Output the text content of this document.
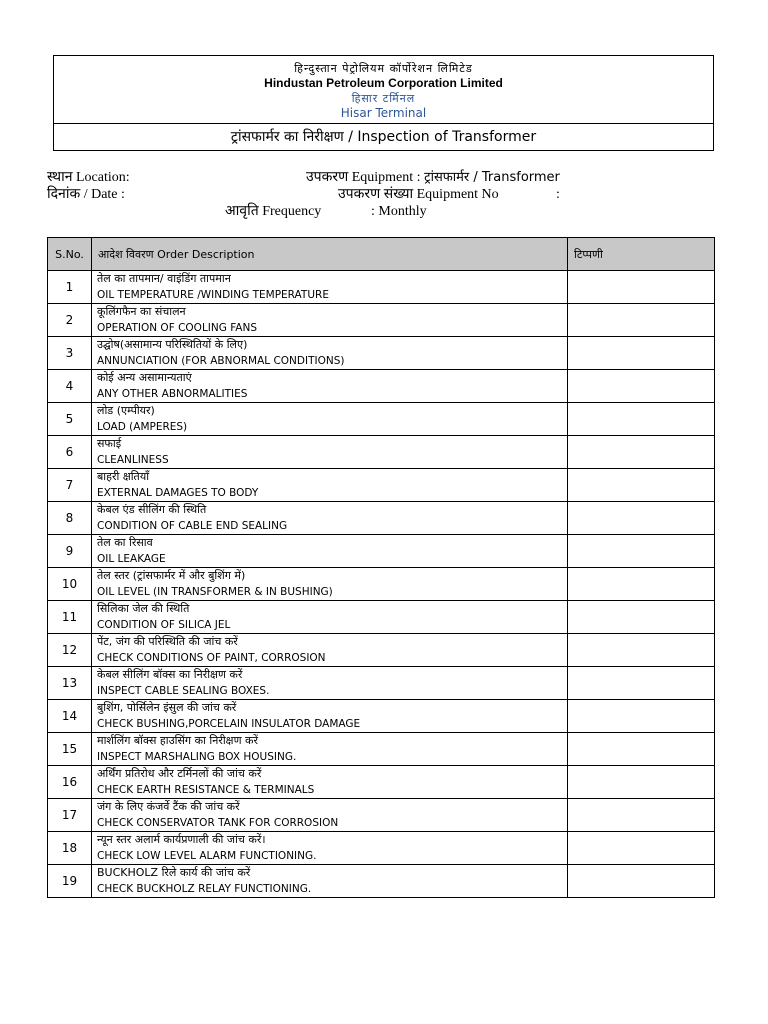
हिन्दुस्तान पेट्रोलियम कॉर्पोरेशन लिमिटेड
Hindustan Petroleum Corporation Limited
हिसार टर्मिनल
Hisar Terminal
ट्रांसफार्मर का निरीक्षण / Inspection of Transformer
स्थान Location:	उपकरण Equipment : ट्रांसफार्मर / Transformer
दिनांक / Date :	उपकरण संख्या Equipment No	:
आवृति Frequency	: Monthly
S.No.	आदेश विवरण Order Description	टिप्पणी
1	तेल का तापमान/ वाइंडिंग तापमान
OIL TEMPERATURE /WINDING TEMPERATURE	

2	कूलिंगफैन का संचालन
OPERATION OF COOLING FANS	

3	उद्घोष(असामान्य परिस्थितियों के लिए)
ANNUNCIATION (FOR ABNORMAL CONDITIONS)	

4	कोई अन्य असामान्यताएं
ANY OTHER ABNORMALITIES	

5	लोड (एम्पीयर)
LOAD (AMPERES)	

6	सफाई
CLEANLINESS	

7	बाहरी क्षतियाँ
EXTERNAL DAMAGES TO BODY	

8	केबल एंड सीलिंग की स्थिति
CONDITION OF CABLE END SEALING	

9	तेल का रिसाव
OIL LEAKAGE	

10	तेल स्तर (ट्रांसफार्मर में और बुशिंग में)
OIL LEVEL (IN TRANSFORMER & IN BUSHING)	

11	सिलिका जेल की स्थिति
CONDITION OF SILICA JEL	

12	पेंट, जंग की परिस्थिति की जांच करें
CHECK CONDITIONS OF PAINT, CORROSION	

13	केबल सीलिंग बॉक्स का निरीक्षण करें
INSPECT CABLE SEALING BOXES.	

14	बुशिंग, पोर्सिलेन इंसुल की जांच करें
CHECK BUSHING,PORCELAIN INSULATOR DAMAGE	

15	मार्शलिंग बॉक्स हाउसिंग का निरीक्षण करें
INSPECT MARSHALING BOX HOUSING.	

16	अर्थिंग प्रतिरोध और टर्मिनलों की जांच करें
CHECK EARTH RESISTANCE & TERMINALS	

17	जंग के लिए कंजर्वे टैंक की जांच करें
CHECK CONSERVATOR TANK FOR CORROSION	

18	न्यून स्तर अलार्म कार्यप्रणाली की जांच करें।
CHECK LOW LEVEL ALARM FUNCTIONING.	

19	BUCKHOLZ रिले कार्य की जांच करें
CHECK BUCKHOLZ RELAY FUNCTIONING.	
